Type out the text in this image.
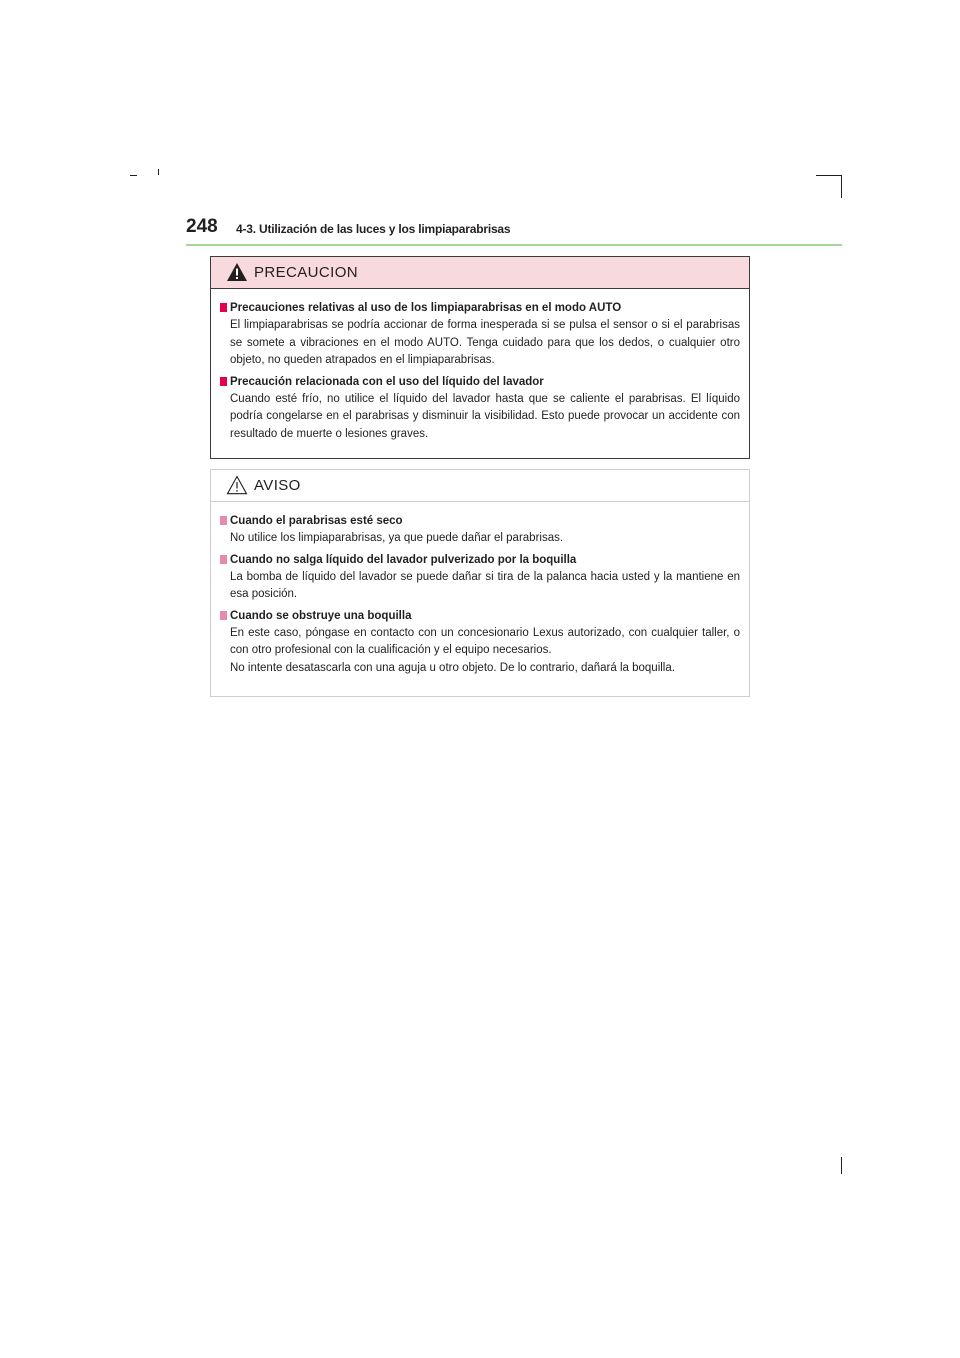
248 4-3. Utilización de las luces y los limpiaparabrisas
PRECAUCION
Precauciones relativas al uso de los limpiaparabrisas en el modo AUTO

El limpiaparabrisas se podría accionar de forma inesperada si se pulsa el sensor o si el parabrisas se somete a vibraciones en el modo AUTO. Tenga cuidado para que los dedos, o cualquier otro objeto, no queden atrapados en el limpiaparabrisas.

Precaución relacionada con el uso del líquido del lavador

Cuando esté frío, no utilice el líquido del lavador hasta que se caliente el parabrisas. El líquido podría congelarse en el parabrisas y disminuir la visibilidad. Esto puede provocar un accidente con resultado de muerte o lesiones graves.

AVISO
Cuando el parabrisas esté seco

No utilice los limpiaparabrisas, ya que puede dañar el parabrisas.

Cuando no salga líquido del lavador pulverizado por la boquilla

La bomba de líquido del lavador se puede dañar si tira de la palanca hacia usted y la mantiene en esa posición.

Cuando se obstruye una boquilla

En este caso, póngase en contacto con un concesionario Lexus autorizado, con cualquier taller, o con otro profesional con la cualificación y el equipo necesarios.

No intente desatascarla con una aguja u otro objeto. De lo contrario, dañará la boquilla.
